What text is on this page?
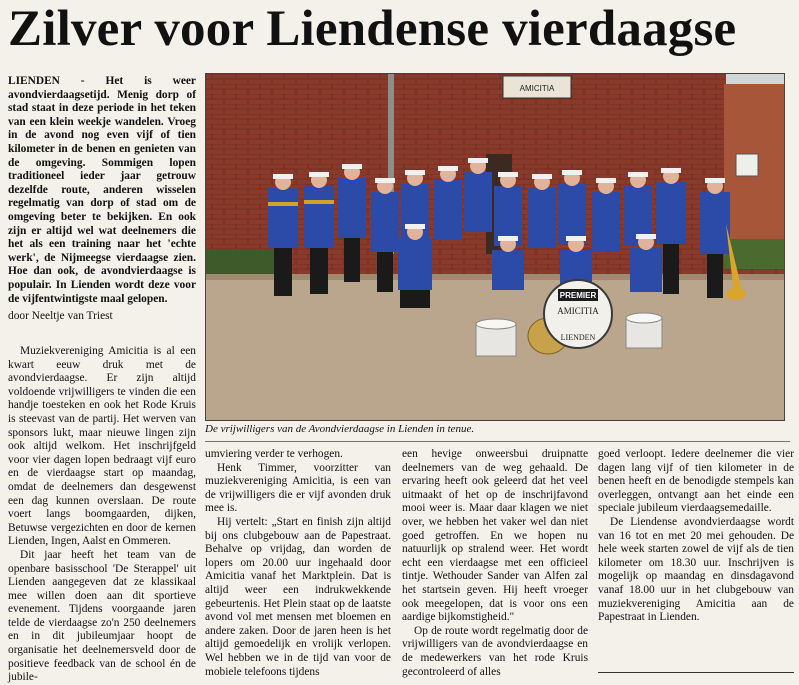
Zilver voor Liendense vierdaagse
LIENDEN - Het is weer avondvierdaagsetijd. Menig dorp of stad staat in deze periode in het teken van een klein weekje wandelen. Vroeg in de avond nog even vijf of tien kilometer in de benen en genieten van de omgeving. Sommigen lopen traditioneel ieder jaar getrouw dezelfde route, anderen wisselen regelmatig van dorp of stad om de omgeving beter te bekijken. En ook zijn er altijd wel wat deelnemers die het als een training naar het 'echte werk', de Nijmeegse vierdaagse zien. Hoe dan ook, de avondvierdaagse is populair. In Lienden wordt deze voor de vijfentwintigste maal gelopen.
door Neeltje van Triest

Muziekvereniging Amicitia is al een kwart eeuw druk met de avondvierdaagse. Er zijn altijd voldoende vrijwilligers te vinden die een handje toesteken en ook het Rode Kruis is steevast van de partij. Het werven van sponsors lukt, maar nieuwe lingen zijn ook altijd welkom. Het inschrijfgeld voor vier dagen lopen bedraagt vijf euro en de vierdaagse start op maandag, omdat de deelnemers dan desgewenst een dag kunnen overslaan. De route voert langs boomgaarden, dijken, Betuwse vergezichten en door de kernen Lienden, Ingen, Aalst en Ommeren.

Dit jaar heeft het team van de openbare basisschool 'De Sterappel' uit Lienden aangegeven dat ze klassikaal mee willen doen aan dit sportieve evenement. Tijdens voorgaande jaren telde de vierdaagse zo'n 250 deelnemers en in dit jubileumjaar hoopt de organisatie het deelnemersveld door de positieve feedback van de school én de jubile-

AMICITIA
PREMIER
AMICITIA
LIENDEN
De vrijwilligers van de Avondvierdaagse in Lienden in tenue.

umviering verder te verhogen.

Henk Timmer, voorzitter van muziekvereniging Amicitia, is een van de vrijwilligers die er vijf avonden druk mee is.

Hij vertelt: „Start en finish zijn altijd bij ons clubgebouw aan de Papestraat. Behalve op vrijdag, dan worden de lopers om 20.00 uur ingehaald door Amicitia vanaf het Marktplein. Dat is altijd weer een indrukwekkende gebeurtenis. Het Plein staat op de laatste avond vol met mensen met bloemen en andere zaken. Door de jaren heen is het altijd gemoedelijk en vrolijk verlopen. Wel hebben we in de tijd van voor de mobiele telefoons tijdens

een hevige onweersbui druipnatte deelnemers van de weg gehaald. De ervaring heeft ook geleerd dat het veel uitmaakt of het op de inschrijfavond mooi weer is. Maar daar klagen we niet over, we hebben het vaker wel dan niet goed getroffen. En we hopen nu natuurlijk op stralend weer. Het wordt echt een vierdaagse met een officieel tintje. Wethouder Sander van Alfen zal het startsein geven. Hij heeft vroeger ook meegelopen, dat is voor ons een aardige bijkomstigheid."

Op de route wordt regelmatig door de vrijwilligers van de avondvierdaagse en de medewerkers van het rode Kruis gecontroleerd of alles

goed verloopt. Iedere deelnemer die vier dagen lang vijf of tien kilometer in de benen heeft en de benodigde stempels kan overleggen, ontvangt aan het einde een speciale jubileum vierdaagsemedaille.

De Liendense avondvierdaagse wordt van 16 tot en met 20 mei gehouden. De hele week starten zowel de vijf als de tien kilometer om 18.30 uur. Inschrijven is mogelijk op maandag en dinsdagavond vanaf 18.00 uur in het clubgebouw van muziekvereniging Amicitia aan de Papestraat in Lienden.
